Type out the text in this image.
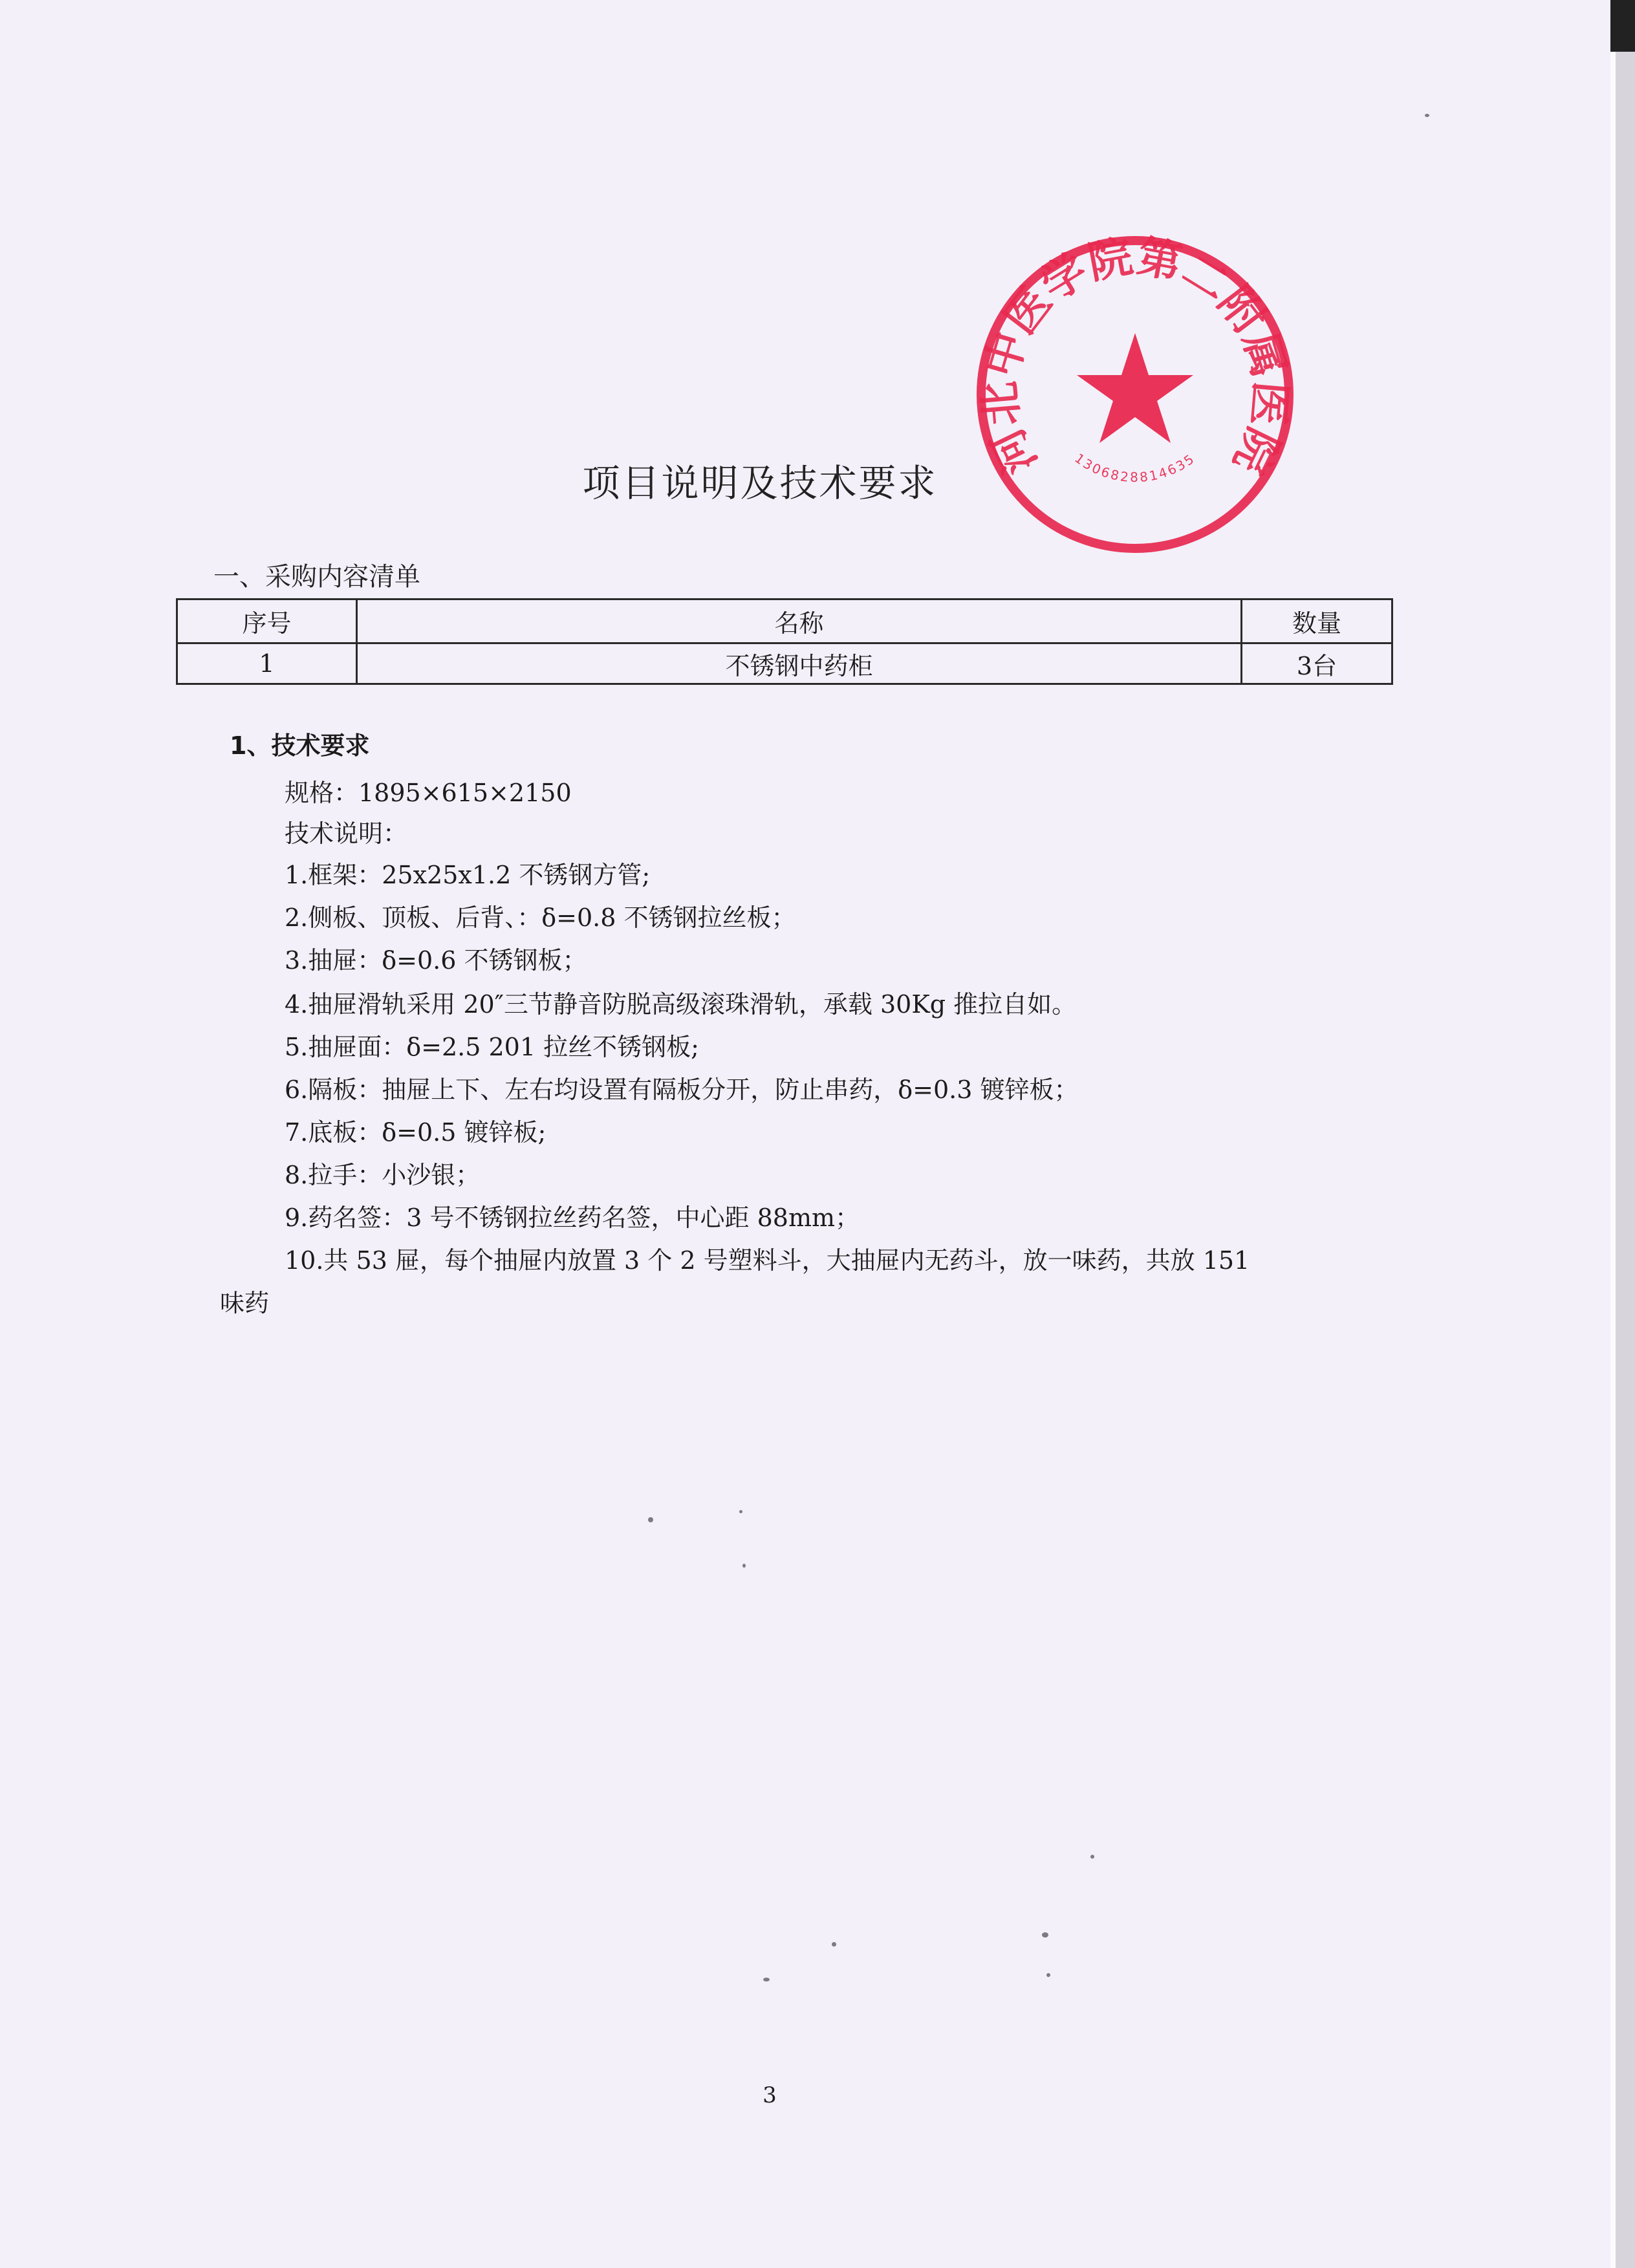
项目说明及技术要求
河北中医学院第二附属医院
1306828814635
一、采购内容清单
序号	名称	数量
1	不锈钢中药柜	3台
1、技术要求
规格：1895×615×2150
技术说明：
1.框架：25x25x1.2 不锈钢方管;
2.侧板、顶板、后背、：δ=0.8 不锈钢拉丝板；
3.抽屉：δ=0.6 不锈钢板；
4.抽屉滑轨采用 20″三节静音防脱高级滚珠滑轨，承载 30Kg 推拉自如。
5.抽屉面：δ=2.5 201 拉丝不锈钢板;
6.隔板：抽屉上下、左右均设置有隔板分开，防止串药，δ=0.3 镀锌板；
7.底板：δ=0.5 镀锌板;
8.拉手：小沙银；
9.药名签：3 号不锈钢拉丝药名签，中心距 88mm；
10.共 53 屉，每个抽屉内放置 3 个 2 号塑料斗，大抽屉内无药斗，放一味药，共放 151
味药
3
